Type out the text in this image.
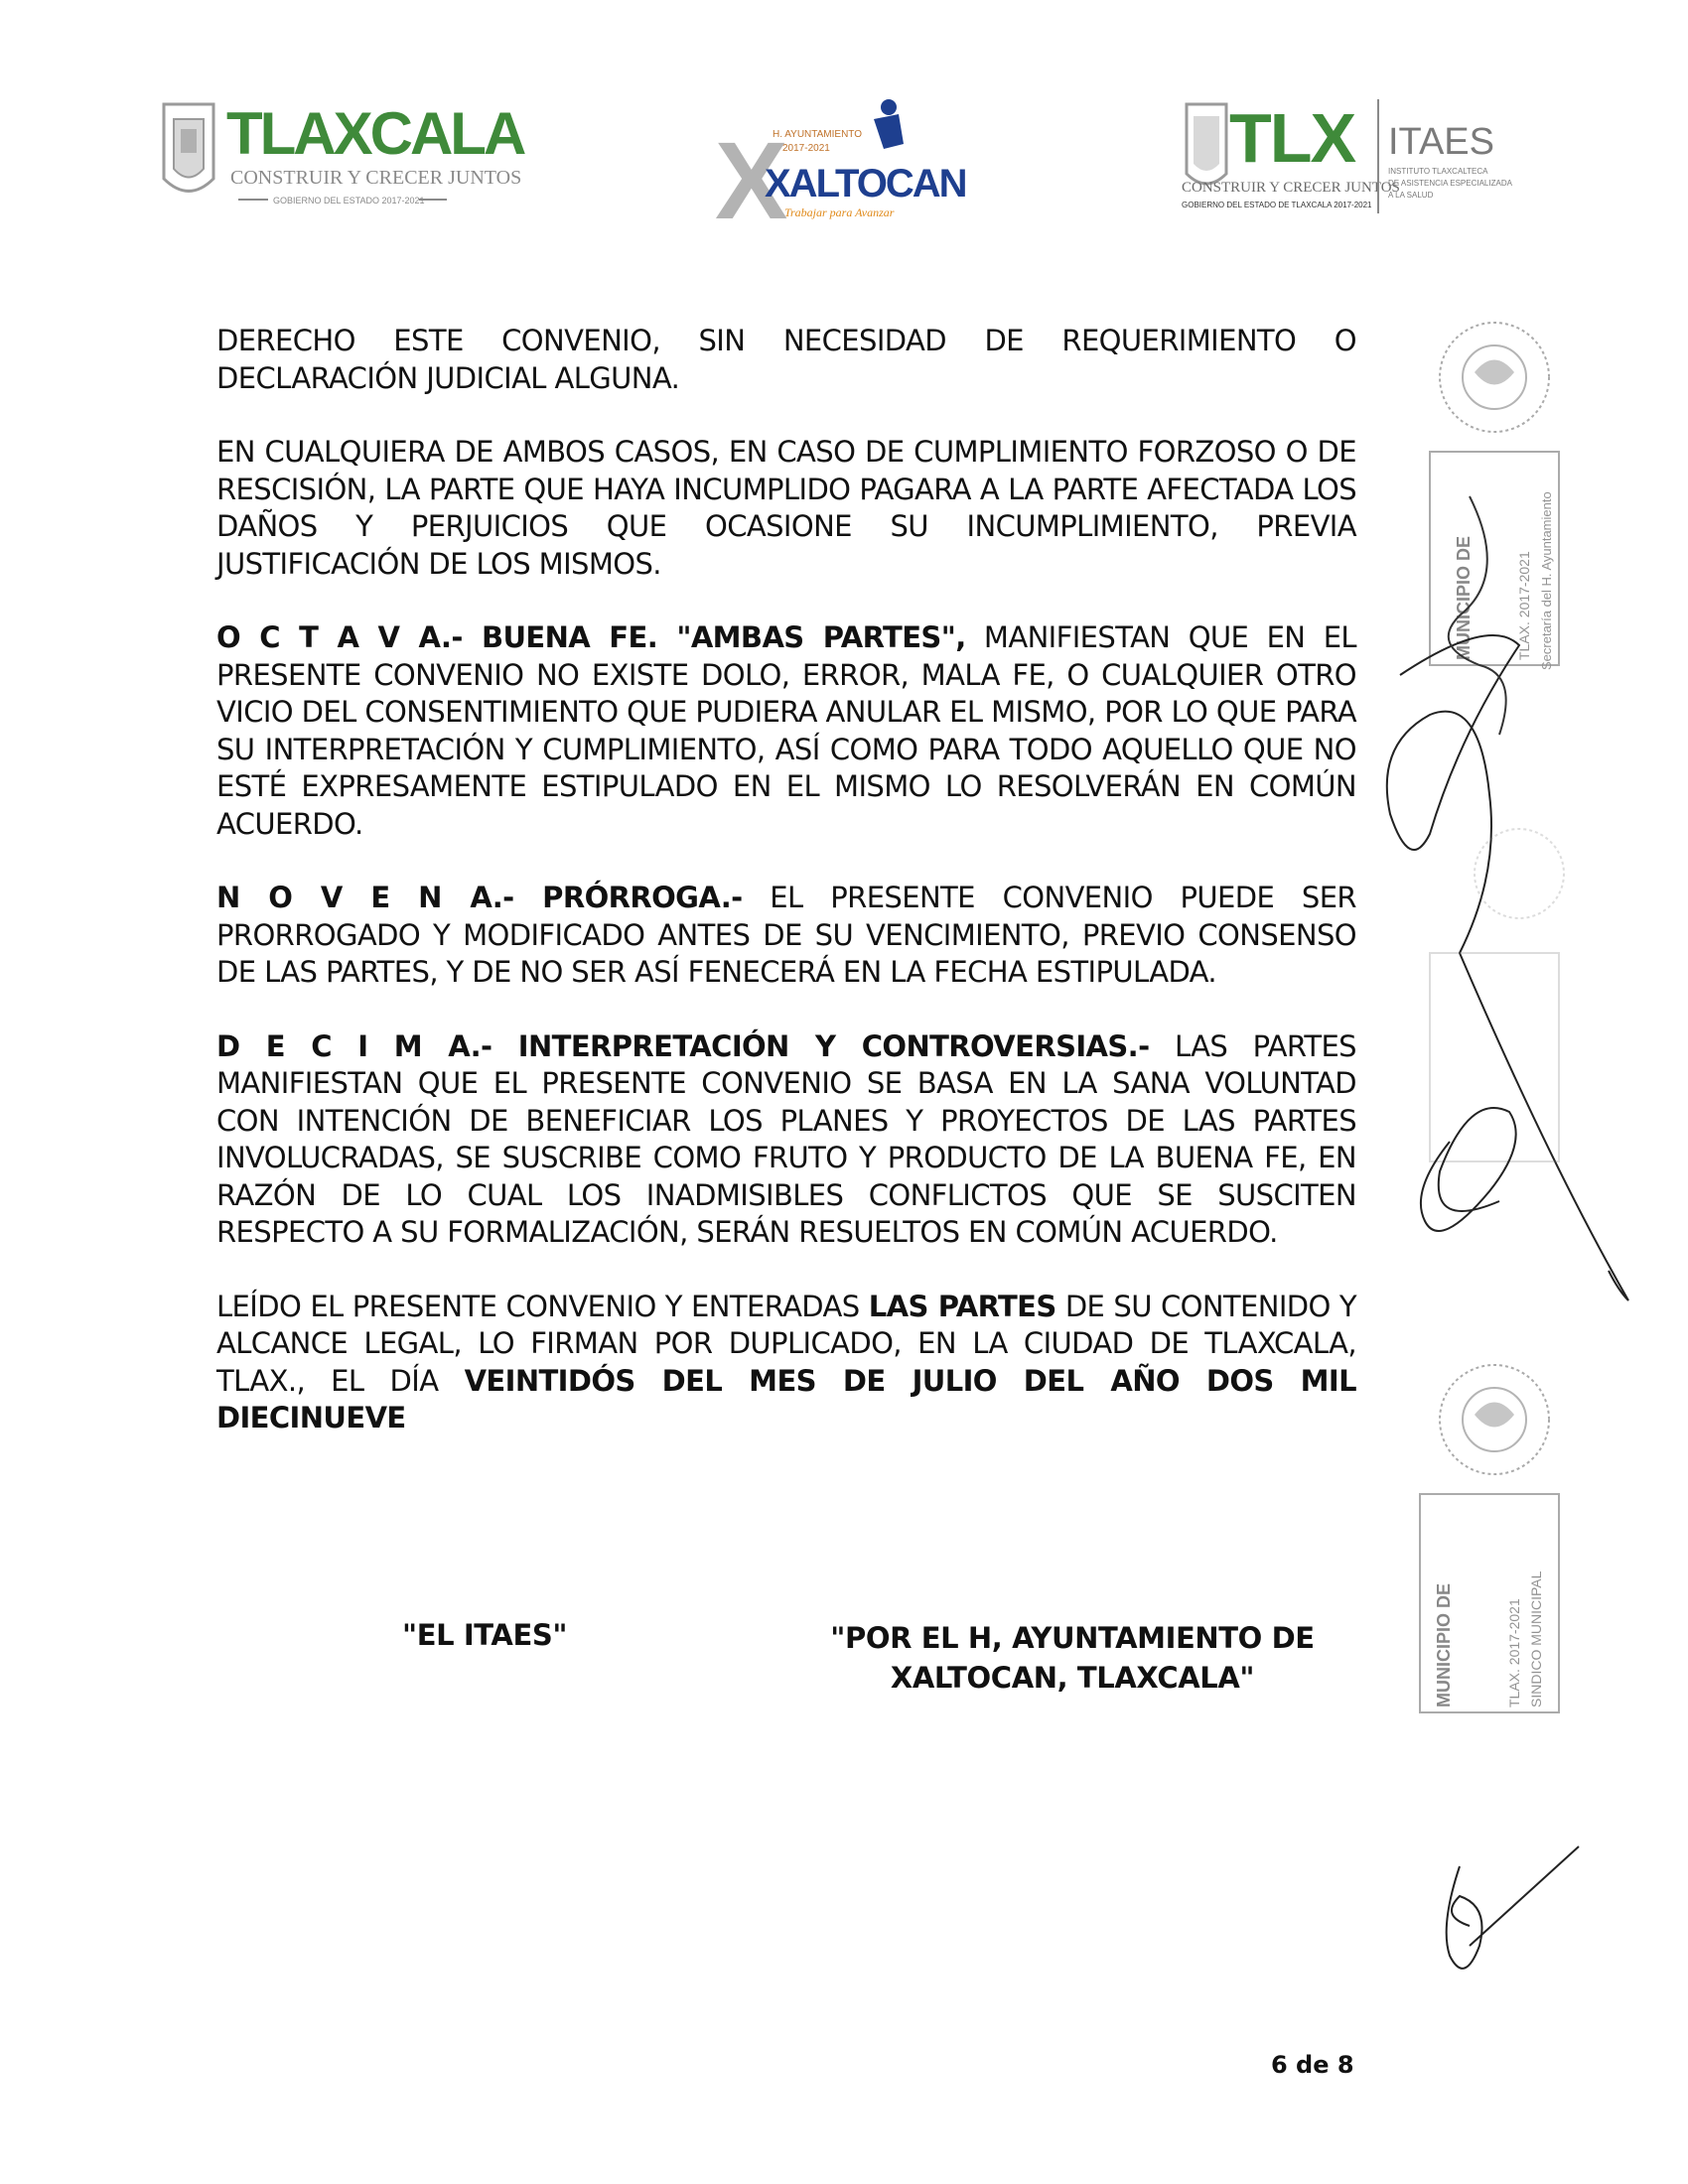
TLAXCALA
CONSTRUIR Y CRECER JUNTOS
GOBIERNO DEL ESTADO 2017-2021	X
H. AYUNTAMIENTO
2017-2021
XALTOCAN
Trabajar para Avanzar
TLX
CONSTRUIR Y CRECER JUNTOS
GOBIERNO DEL ESTADO DE TLAXCALA 2017-2021
ITAES
INSTITUTO TLAXCALTECA
DE ASISTENCIA ESPECIALIZADA
A LA SALUD

DERECHO ESTE CONVENIO, SIN NECESIDAD DE REQUERIMIENTO O DECLARACIÓN JUDICIAL ALGUNA.

EN CUALQUIERA DE AMBOS CASOS, EN CASO DE CUMPLIMIENTO FORZOSO O DE RESCISIÓN, LA PARTE QUE HAYA INCUMPLIDO PAGARA A LA PARTE AFECTADA LOS DAÑOS Y PERJUICIOS QUE OCASIONE SU INCUMPLIMIENTO, PREVIA JUSTIFICACIÓN DE LOS MISMOS.

O C T A V A.- BUENA FE. "AMBAS PARTES", MANIFIESTAN QUE EN EL PRESENTE CONVENIO NO EXISTE DOLO, ERROR, MALA FE, O CUALQUIER OTRO VICIO DEL CONSENTIMIENTO QUE PUDIERA ANULAR EL MISMO, POR LO QUE PARA SU INTERPRETACIÓN Y CUMPLIMIENTO, ASÍ COMO PARA TODO AQUELLO QUE NO ESTÉ EXPRESAMENTE ESTIPULADO EN EL MISMO LO RESOLVERÁN EN COMÚN ACUERDO.

N O V E N A.- PRÓRROGA.- EL PRESENTE CONVENIO PUEDE SER PRORROGADO Y MODIFICADO ANTES DE SU VENCIMIENTO, PREVIO CONSENSO DE LAS PARTES, Y DE NO SER ASÍ FENECERÁ EN LA FECHA ESTIPULADA.

D E C I M A.- INTERPRETACIÓN Y CONTROVERSIAS.- LAS PARTES MANIFIESTAN QUE EL PRESENTE CONVENIO SE BASA EN LA SANA VOLUNTAD CON INTENCIÓN DE BENEFICIAR LOS PLANES Y PROYECTOS DE LAS PARTES INVOLUCRADAS, SE SUSCRIBE COMO FRUTO Y PRODUCTO DE LA BUENA FE, EN RAZÓN DE LO CUAL LOS INADMISIBLES CONFLICTOS QUE SE SUSCITEN RESPECTO A SU FORMALIZACIÓN, SERÁN RESUELTOS EN COMÚN ACUERDO.

LEÍDO EL PRESENTE CONVENIO Y ENTERADAS LAS PARTES DE SU CONTENIDO Y ALCANCE LEGAL, LO FIRMAN POR DUPLICADO, EN LA CIUDAD DE TLAXCALA, TLAX., EL DÍA VEINTIDÓS DEL MES DE JULIO DEL AÑO DOS MIL DIECINUEVE

"EL ITAES"	"POR EL H, AYUNTAMIENTO DE
XALTOCAN, TLAXCALA"
MUNICIPIO DE	TLAX. 2017-2021 Secretaría del H. Ayuntamiento
MUNICIPIO DE	TLAX. 2017-2021 SINDICO MUNICIPAL
6 de 8
